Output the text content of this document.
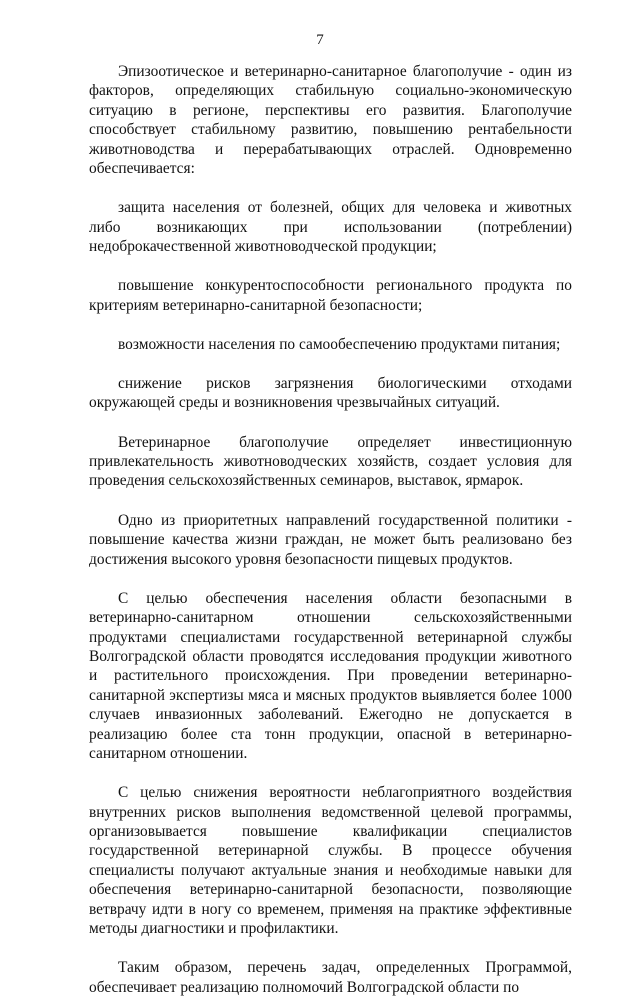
7

Эпизоотическое и ветеринарно-санитарное благополучие - один из факторов, определяющих стабильную социально-экономическую ситуацию в регионе, перспективы его развития. Благополучие способствует стабильному развитию, повышению рентабельности животноводства и перерабатывающих отраслей. Одновременно обеспечивается:

защита населения от болезней, общих для человека и животных либо возникающих при использовании (потреблении) недоброкачественной животноводческой продукции;

повышение конкурентоспособности регионального продукта по критериям ветеринарно-санитарной безопасности;

возможности населения по самообеспечению продуктами питания;

снижение рисков загрязнения биологическими отходами окружающей среды и возникновения чрезвычайных ситуаций.

Ветеринарное благополучие определяет инвестиционную привлекательность животноводческих хозяйств, создает условия для проведения сельскохозяйственных семинаров, выставок, ярмарок.

Одно из приоритетных направлений государственной политики - повышение качества жизни граждан, не может быть реализовано без достижения высокого уровня безопасности пищевых продуктов.

С целью обеспечения населения области безопасными в ветеринарно-санитарном отношении сельскохозяйственными продуктами специалистами государственной ветеринарной службы Волгоградской области проводятся исследования продукции животного и растительного происхождения. При проведении ветеринарно-санитарной экспертизы мяса и мясных продуктов выявляется более 1000 случаев инвазионных заболеваний. Ежегодно не допускается в реализацию более ста тонн продукции, опасной в ветеринарно-санитарном отношении.

С целью снижения вероятности неблагоприятного воздействия внутренних рисков выполнения ведомственной целевой программы, организовывается повышение квалификации специалистов государственной ветеринарной службы. В процессе обучения специалисты получают актуальные знания и необходимые навыки для обеспечения ветеринарно-санитарной безопасности, позволяющие ветврачу идти в ногу со временем, применяя на практике эффективные методы диагностики и профилактики.

Таким образом, перечень задач, определенных Программой, обеспечивает реализацию полномочий Волгоградской области по
